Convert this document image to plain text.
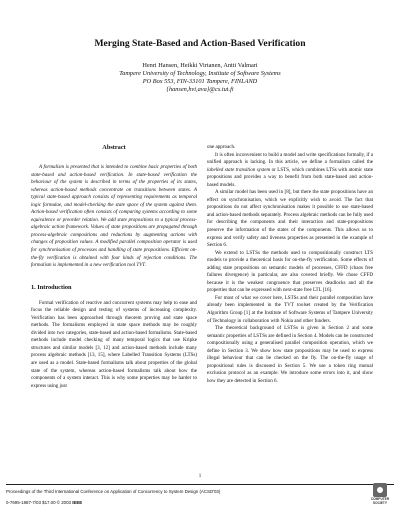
Merging State-Based and Action-Based Verification
Henri Hansen, Heikki Virtanen, Antti Valmari
Tampere University of Technology, Institute of Software Systems
PO Box 553, FIN-33101 Tampere, FINLAND
{hansen,hvi,ava}@cs.tut.fi
Abstract

A formalism is presented that is intended to combine basic properties of both state-based and action-based verification. In state-based verification the behaviour of the system is described in terms of the properties of its states, whereas action-based methods concentrate on transitions between states. A typical state-based approach consists of representing requirements as temporal logic formulae, and model-checking the state space of the system against them. Action-based verification often consists of comparing systems according to some equivalence or preorder relation. We add state propositions to a typical process-algebraic action framework. Values of state propositions are propagated through process-algebraic compositions and reductions by augmenting actions with changes of proposition values. A modified parallel composition operator is used for synchronisation of processes and handling of state propositions. Efficient on-the-fly verification is obtained with four kinds of rejection conditions. The formalism is implemented in a new verification tool TVT.

1. Introduction

Formal verification of reactive and concurrent systems may help to ease and focus the reliable design and testing of systems of increasing complexity. Verification has been approached through theorem proving and state space methods. The formalisms employed in state space methods may be roughly divided into two categories, state-based and action-based formalisms. State-based methods include model checking of many temporal logics that use Kripke structures and similar models [3, 12] and action-based methods include many process algebraic methods [13, 15], where Labelled Transition Systems (LTSs) are used as a model. State-based formalisms talk about properties of the global state of the system, whereas action-based formalisms talk about how the components of a system interact. This is why some properties may be harder to express using just

one approach.

It is often inconvenient to build a model and write specifications formally, if a unified approach is lacking. In this article, we define a formalism called the labelled state transition system or LSTS, which combines LTSs with atomic state propositions and provides a way to benefit from both state-based and action-based models.

A similar model has been used in [8], but there the state propositions have an effect on synchronisation, which we explicitly wish to avoid. The fact that propositions do not affect synchronisation makes it possible to use state-based and action-based methods separately. Process algebraic methods can be fully used for describing the components and their interaction and state-propositions preserve the information of the states of the components. This allows us to express and verify safety and liveness properties as presented in the example of Section 6.

We extend to LSTSs the methods used to compositionally construct LTS models to provide a theoretical basis for on-the-fly verification. Some effects of adding state propositions on semantic models of processes, CFFD (chaos free failures divergence) in particular, are also covered briefly. We chose CFFD because it is the weakest congruence that preserves deadlocks and all the properties that can be expressed with next-state free LTL [16].

For most of what we cover here, LSTSs and their parallel composition have already been implemented in the TVT toolset created by the Verification Algorithm Group [1] at the Institute of Software Systems of Tampere University of Technology in collaboration with Nokia and other funders.

The theoretical background of LSTSs is given in Section 2 and some semantic properties of LSTSs are defined in Section 4. Models can be constructed compositionally using a generalised parallel composition operation, which we define in Section 3. We show how state propositions may be used to express illegal behaviour that can be checked on the fly. The on-the-fly usage of propositional rules is discussed in Section 5. We use a token ring mutual exclusion protocol as an example. We introduce some errors into it, and show how they are detected in Section 6.

1
Proceedings of the Third International Conference on Application of Concurrency to System Design (ACSD'03)
0-7695-1887-7/03 $17.00 © 2003 IEEE
COMPUTER
SOCIETY
